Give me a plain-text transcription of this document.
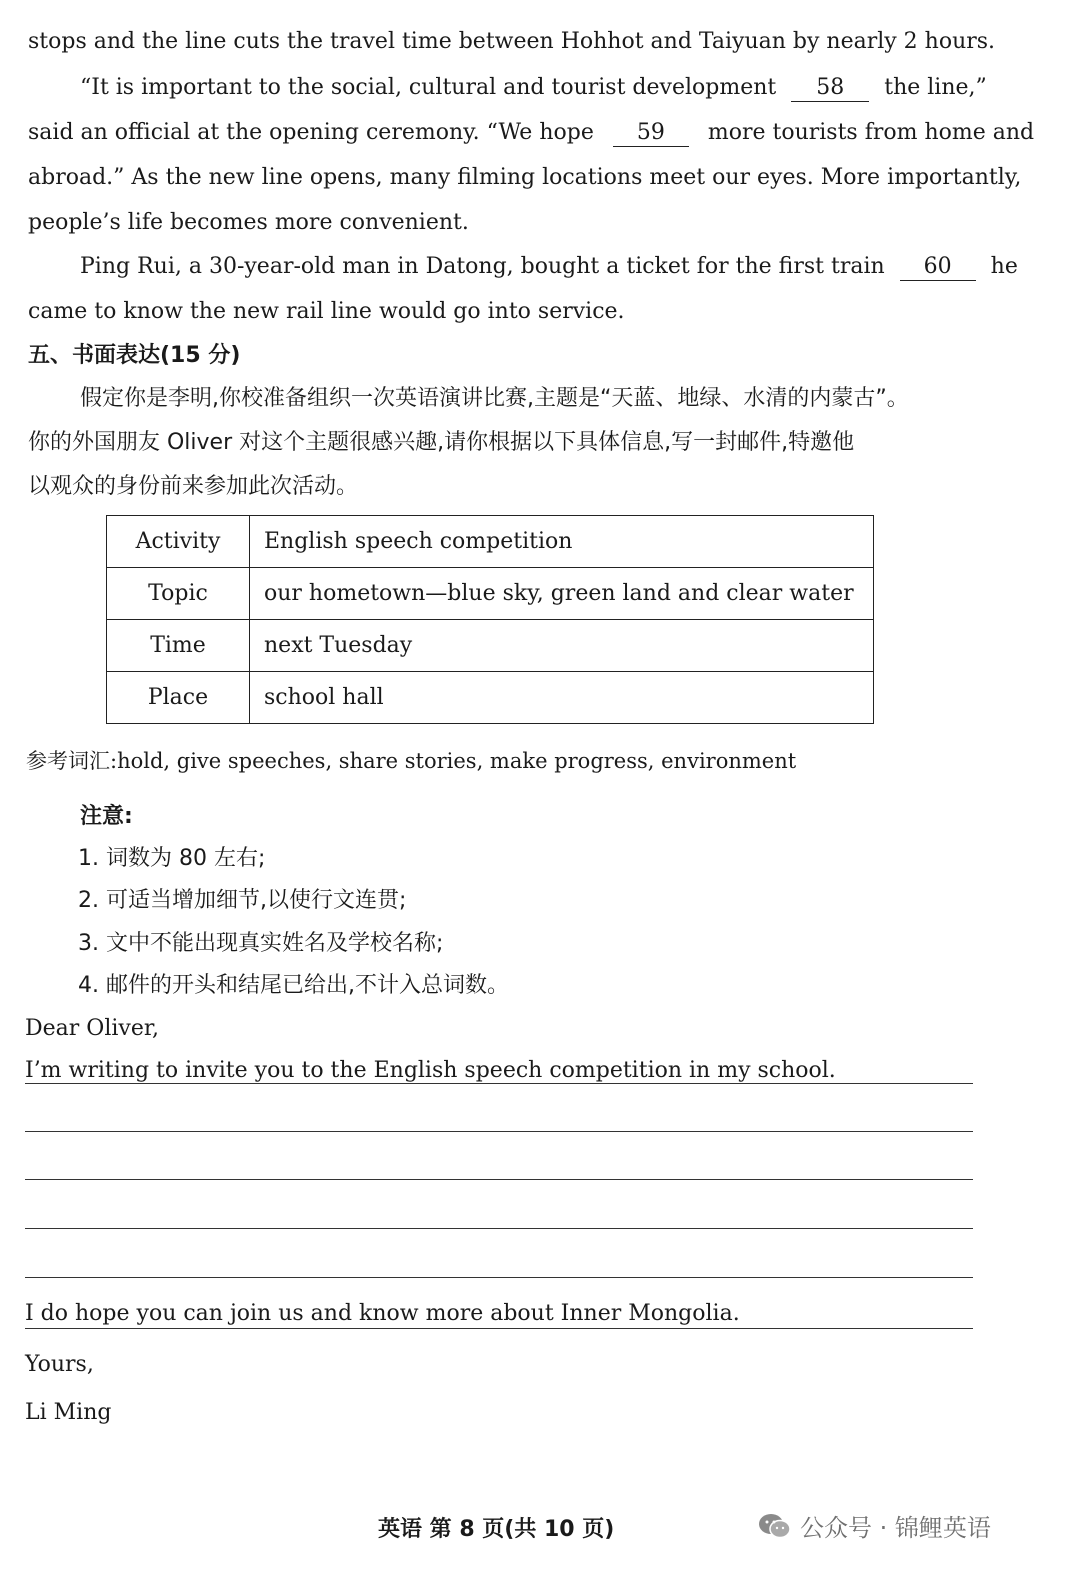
stops and the line cuts the travel time between Hohhot and Taiyuan by nearly 2 hours.
“It is important to the social, cultural and tourist development 58 the line,”
said an official at the opening ceremony. “We hope 59 more tourists from home and
abroad.” As the new line opens, many filming locations meet our eyes. More importantly,
people’s life becomes more convenient.
Ping Rui, a 30-year-old man in Datong, bought a ticket for the first train 60 he
came to know the new rail line would go into service.
五、书面表达(15 分)
假定你是李明,你校准备组织一次英语演讲比赛,主题是“天蓝、地绿、水清的内蒙古”。
你的外国朋友 Oliver 对这个主题很感兴趣,请你根据以下具体信息,写一封邮件,特邀他
以观众的身份前来参加此次活动。
Activity	English speech competition
Topic	our hometown—blue sky, green land and clear water
Time	next Tuesday
Place	school hall
参考词汇:hold, give speeches, share stories, make progress, environment
注意:
1. 词数为 80 左右;
2. 可适当增加细节,以使行文连贯;
3. 文中不能出现真实姓名及学校名称;
4. 邮件的开头和结尾已给出,不计入总词数。
Dear Oliver,
I’m writing to invite you to the English speech competition in my school.
I do hope you can join us and know more about Inner Mongolia.
Yours,
Li Ming
英语 第 8 页(共 10 页)	公众号 · 锦鲤英语
